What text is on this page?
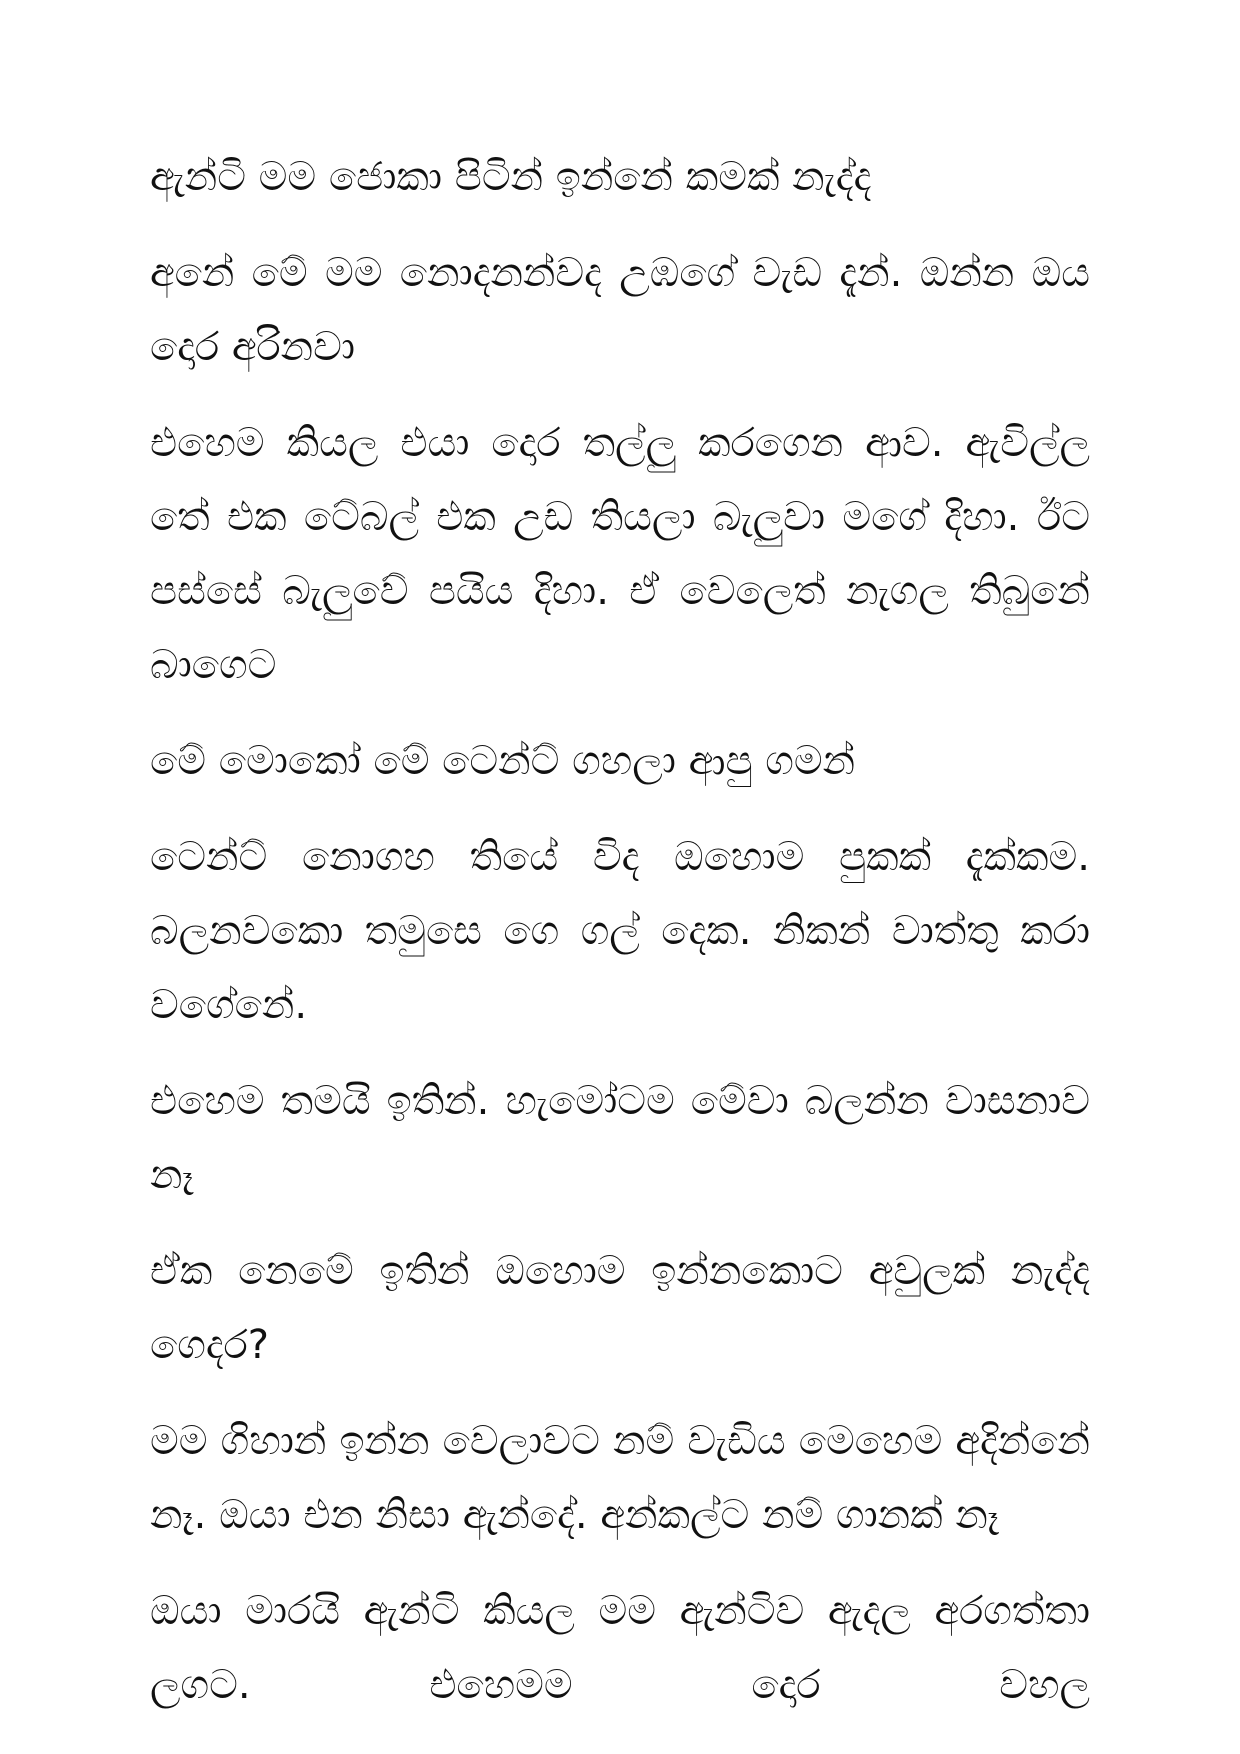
ඇන්ටි මම ජොකා පිටින් ඉන්නේ කමක් නැද්ද

අනේ මේ මම නොදනන්වද උඹගේ වැඩ දැන්. ඔන්න ඔය දොර අරිනවා

එහෙම කියල එයා දොර තල්ලු කරගෙන ආව. ඇවිල්ල තේ එක ටේබල් එක උඩ තියලා බැලුවා මගේ දිහා. ඊට පස්සේ බැලුවේ පයිය දිහා. ඒ වෙලෙත් නැගල තිබුනේ බාගෙට

මේ මොකෝ මේ ටෙන්ට් ගහලා ආපු ගමන්

ටෙන්ට් නොගහ තියේ විද ඔහොම පුකක් දැක්කම. බලනවකො තමුසෙ ගෙ ගල් දෙක. නිකන් වාත්තු කරා වගේනේ.

එහෙම තමයි ඉතින්. හැමෝටම මේවා බලන්න වාසනාව නෑ

ඒක නෙමේ ඉතින් ඔහොම ඉන්නකොට අවුලක් නැද්ද ගෙදර?

මම ගිහාන් ඉන්න වෙලාවට නම් වැඩිය මෙහෙම අදින්නේ නෑ. ඔයා එන නිසා ඇන්දේ. අන්කල්ට නම් ගානක් නෑ

ඔයා මාරයි ඇන්ටි කියල මම ඇන්ටිව ඇදල අරගත්තා ලගට. එහෙමම දොර වහල
